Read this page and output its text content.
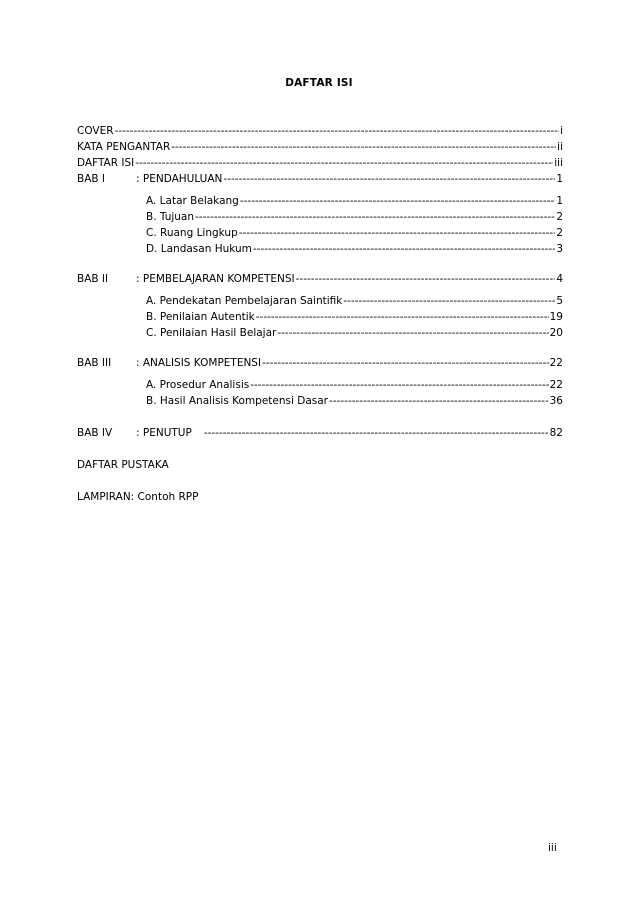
DAFTAR ISI
COVER -----	i
KATA PENGANTAR -----	ii
DAFTAR ISI -----	iii
BAB I	: PENDAHULUAN -----	1
A. Latar Belakang -----	1
B. Tujuan -----	2
C. Ruang Lingkup -----	2
D. Landasan Hukum -----	3
BAB II	: PEMBELAJARAN KOMPETENSI -----	4
A. Pendekatan Pembelajaran Saintifik -----	5
B. Penilaian Autentik -----	19
C. Penilaian Hasil Belajar -----	20
BAB III	: ANALISIS KOMPETENSI -----	22
A. Prosedur Analisis -----	22
B. Hasil Analisis Kompetensi Dasar -----	36
BAB IV	: PENUTUP -----	82
DAFTAR PUSTAKA
LAMPIRAN: Contoh RPP
iii
